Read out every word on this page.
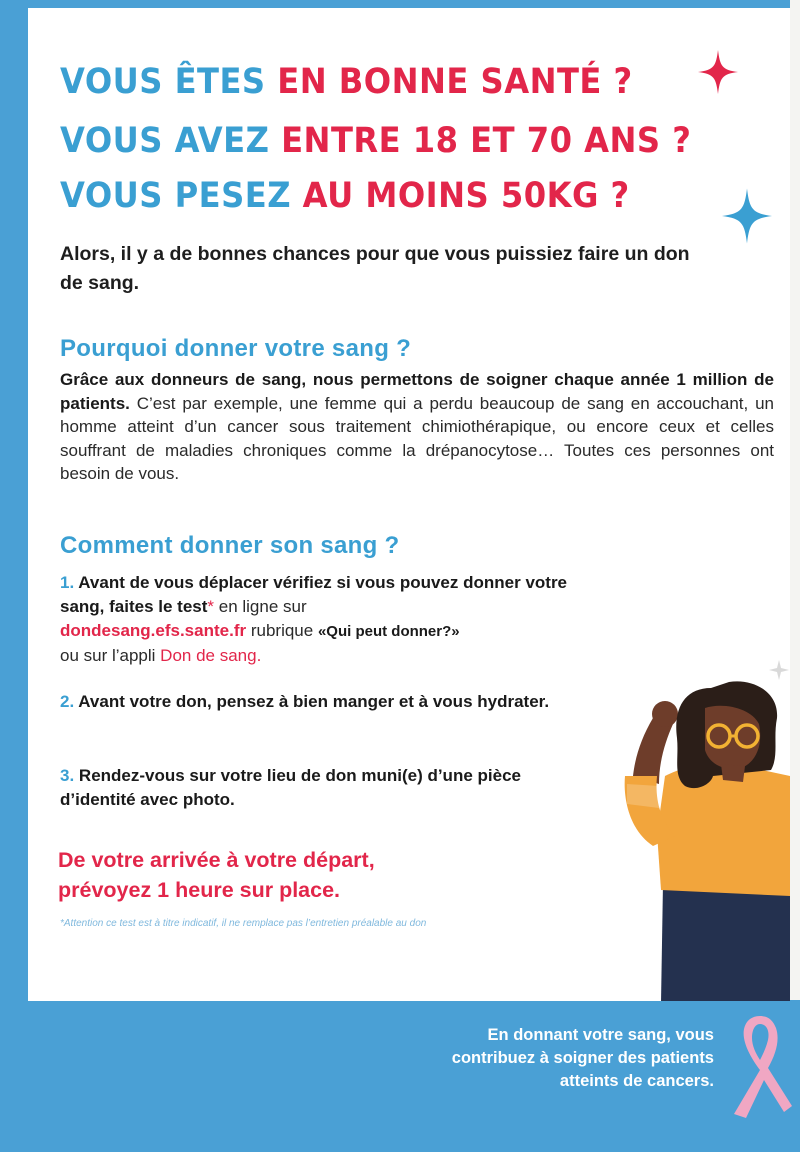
VOUS ÊTES EN BONNE SANTÉ ?
VOUS AVEZ ENTRE 18 ET 70 ANS ?
VOUS PESEZ AU MOINS 50KG ?

Alors, il y a de bonnes chances pour que vous puissiez faire un don de sang.

Pourquoi donner votre sang ?

Grâce aux donneurs de sang, nous permettons de soigner chaque année 1 million de patients. C’est par exemple, une femme qui a perdu beaucoup de sang en accouchant, un homme atteint d’un cancer sous traitement chimiothérapique, ou encore ceux et celles souffrant de maladies chroniques comme la drépanocytose… Toutes ces personnes ont besoin de vous.

Comment donner son sang ?

1. Avant de vous déplacer vérifiez si vous pouvez donner votre sang, faites le test* en ligne sur
dondesang.efs.sante.fr rubrique «Qui peut donner?»
ou sur l’appli Don de sang.

2. Avant votre don, pensez à bien manger et à vous hydrater.

3. Rendez-vous sur votre lieu de don muni(e) d’une pièce d’identité avec photo.

De votre arrivée à votre départ,
prévoyez 1 heure sur place.

*Attention ce test est à titre indicatif, il ne remplace pas l’entretien préalable au don

En donnant votre sang, vous contribuez à soigner des patients atteints de cancers.
